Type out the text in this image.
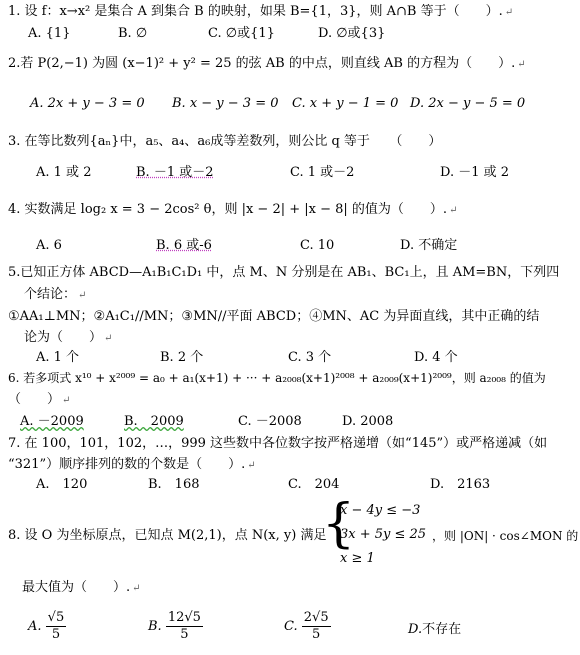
1. 设 f：x→x² 是集合 A 到集合 B 的映射，如果 B={1，3}，则 A∩B 等于（　　）. ↵
A. {1}	B. ∅	C. ∅或{1}	D. ∅或{3}
2.若 P(2,−1) 为圆 (x−1)² + y² = 25 的弦 AB 的中点，则直线 AB 的方程为（　　）. ↵
A. 2x + y − 3 = 0 B. x − y − 3 = 0 C. x + y − 1 = 0 D. 2x − y − 5 = 0
3. 在等比数列{aₙ}中，a₅、a₄、a₆成等差数列，则公比 q 等于　　（　　）
A. 1 或 2	B. －1 或－2	C. 1 或－2	D. －1 或 2
4. 实数满足 log₂ x = 3 − 2cos² θ，则 |x − 2| + |x − 8| 的值为（　　）. ↵
A. 6	B. 6 或-6	C. 10	D. 不确定
5.已知正方体 ABCD—A₁B₁C₁D₁ 中，点 M、N 分别是在 AB₁、BC₁上，且 AM=BN，下列四
个结论： ↵
①AA₁⊥MN；②A₁C₁//MN；③MN//平面 ABCD；④MN、AC 为异面直线，其中正确的结
论为（　　） ↵
A. 1 个	B. 2 个	C. 3 个	D. 4 个
6. 若多项式 x¹⁰ + x²⁰⁰⁹ = a₀ + a₁(x+1) + ··· + a₂₀₀₈(x+1)²⁰⁰⁸ + a₂₀₀₉(x+1)²⁰⁰⁹，则 a₂₀₀₈ 的值为
（　　） ↵
A. －2009	B.　2009	C. －2008	D. 2008
7. 在 100，101，102，…，999 这些数中各位数字按严格递增（如“145”）或严格递减（如
“321”）顺序排列的数的个数是（　　）. ↵
A.　120	B.　168	C.　204	D.　2163
8. 设 O 为坐标原点，已知点 M(2,1)，点 N(x, y) 满足
{
x − 4y ≤ −3
3x + 5y ≤ 25
x ≥ 1
，则 |ON| · cos∠MON 的
最大值为（　　）. ↵
A. $\frac{√5}{5}$	B. $\frac{12√5}{5}$	C. $\frac{2√5}{5}$	D.不存在
